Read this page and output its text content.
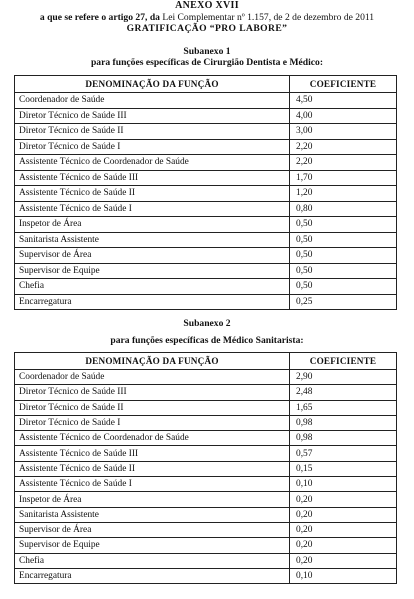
ANEXO XVII
a que se refere o artigo 27, da Lei Complementar nº 1.157, de 2 de dezembro de 2011
GRATIFICAÇÃO “PRO LABORE”
Subanexo 1
para funções específicas de Cirurgião Dentista e Médico:
DENOMINAÇÃO DA FUNÇÃO	COEFICIENTE
Coordenador de Saúde	4,50
Diretor Técnico de Saúde III	4,00
Diretor Técnico de Saúde II	3,00
Diretor Técnico de Saúde I	2,20
Assistente Técnico de Coordenador de Saúde	2,20
Assistente Técnico de Saúde III	1,70
Assistente Técnico de Saúde II	1,20
Assistente Técnico de Saúde I	0,80
Inspetor de Área	0,50
Sanitarista Assistente	0,50
Supervisor de Área	0,50
Supervisor de Equipe	0,50
Chefia	0,50
Encarregatura	0,25
Subanexo 2
para funções específicas de Médico Sanitarista:
DENOMINAÇÃO DA FUNÇÃO	COEFICIENTE
Coordenador de Saúde	2,90
Diretor Técnico de Saúde III	2,48
Diretor Técnico de Saúde II	1,65
Diretor Técnico de Saúde I	0,98
Assistente Técnico de Coordenador de Saúde	0,98
Assistente Técnico de Saúde III	0,57
Assistente Técnico de Saúde II	0,15
Assistente Técnico de Saúde I	0,10
Inspetor de Área	0,20
Sanitarista Assistente	0,20
Supervisor de Área	0,20
Supervisor de Equipe	0,20
Chefia	0,20
Encarregatura	0,10
